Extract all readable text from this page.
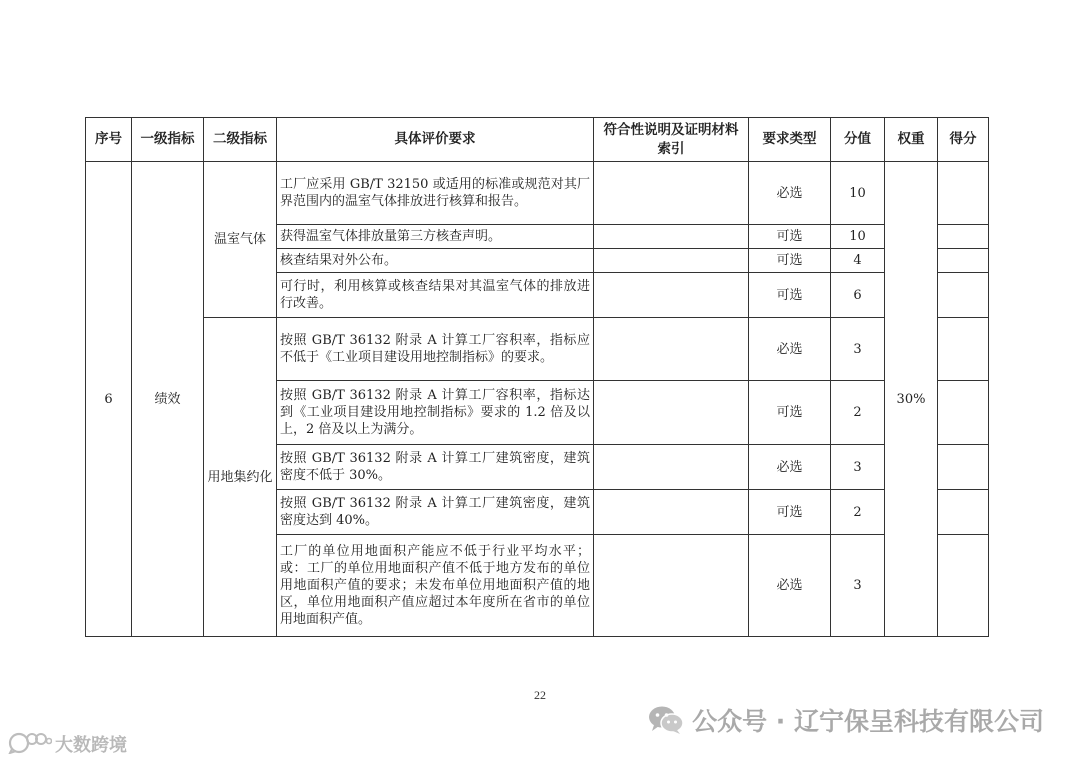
序号	一级指标	二级指标	具体评价要求	符合性说明及证明材料索引	要求类型	分值	权重	得分
6	绩效	温室气体	工厂应采用 GB/T 32150 或适用的标准或规范对其厂界范围内的温室气体排放进行核算和报告。		必选	10	30%	
			获得温室气体排放量第三方核查声明。		可选	10		
			核查结果对外公布。		可选	4		
			可行时，利用核算或核查结果对其温室气体的排放进行改善。		可选	6		
		用地集约化	按照 GB/T 36132 附录 A 计算工厂容积率，指标应不低于《工业项目建设用地控制指标》的要求。		必选	3		
			按照 GB/T 36132 附录 A 计算工厂容积率，指标达到《工业项目建设用地控制指标》要求的 1.2 倍及以上，2 倍及以上为满分。		可选	2		
			按照 GB/T 36132 附录 A 计算工厂建筑密度，建筑密度不低于 30%。		必选	3		
			按照 GB/T 36132 附录 A 计算工厂建筑密度，建筑密度达到 40%。		可选	2		
			工厂的单位用地面积产能应不低于行业平均水平；或：工厂的单位用地面积产值不低于地方发布的单位用地面积产值的要求；未发布单位用地面积产值的地区，单位用地面积产值应超过本年度所在省市的单位用地面积产值。		必选	3		
22
公众号 · 辽宁保呈科技有限公司
大数跨境
